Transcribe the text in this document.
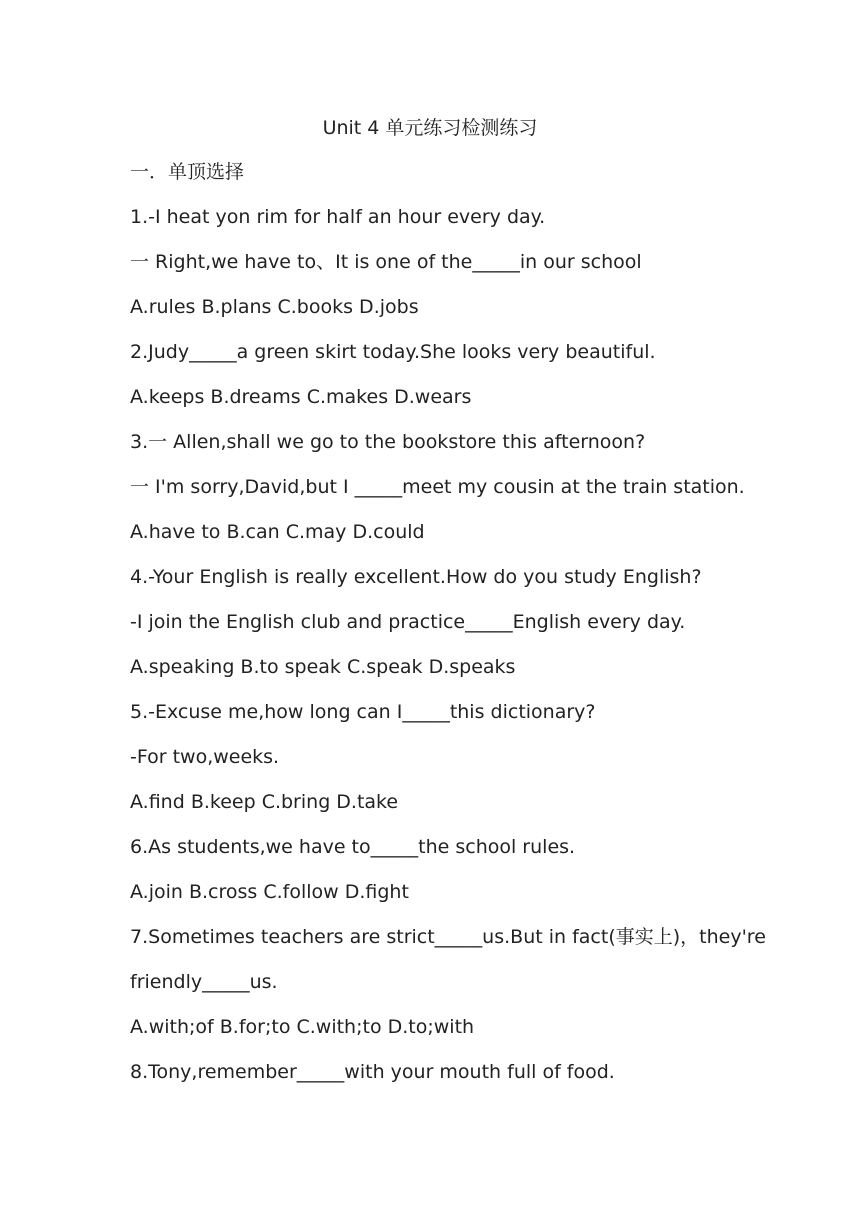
Unit 4 单元练习检测练习
一．单顶选择
1.-I heat yon rim for half an hour every day.
一 Right,we have to、It is one of the_____in our school
A.rules B.plans C.books D.jobs
2.Judy_____a green skirt today.She looks very beautiful.
A.keeps B.dreams C.makes D.wears
3.一 Allen,shall we go to the bookstore this afternoon?
一 I'm sorry,David,but I _____meet my cousin at the train station.
A.have to B.can C.may D.could
4.-Your English is really excellent.How do you study English?
-I join the English club and practice_____English every day.
A.speaking B.to speak C.speak D.speaks
5.-Excuse me,how long can I_____this dictionary?
-For two,weeks.
A.find B.keep C.bring D.take
6.As students,we have to_____the school rules.
A.join B.cross C.follow D.fight
7.Sometimes teachers are strict_____us.But in fact(事实上)，they're
friendly_____us.
A.with;of B.for;to C.with;to D.to;with
8.Tony,remember_____with your mouth full of food.
